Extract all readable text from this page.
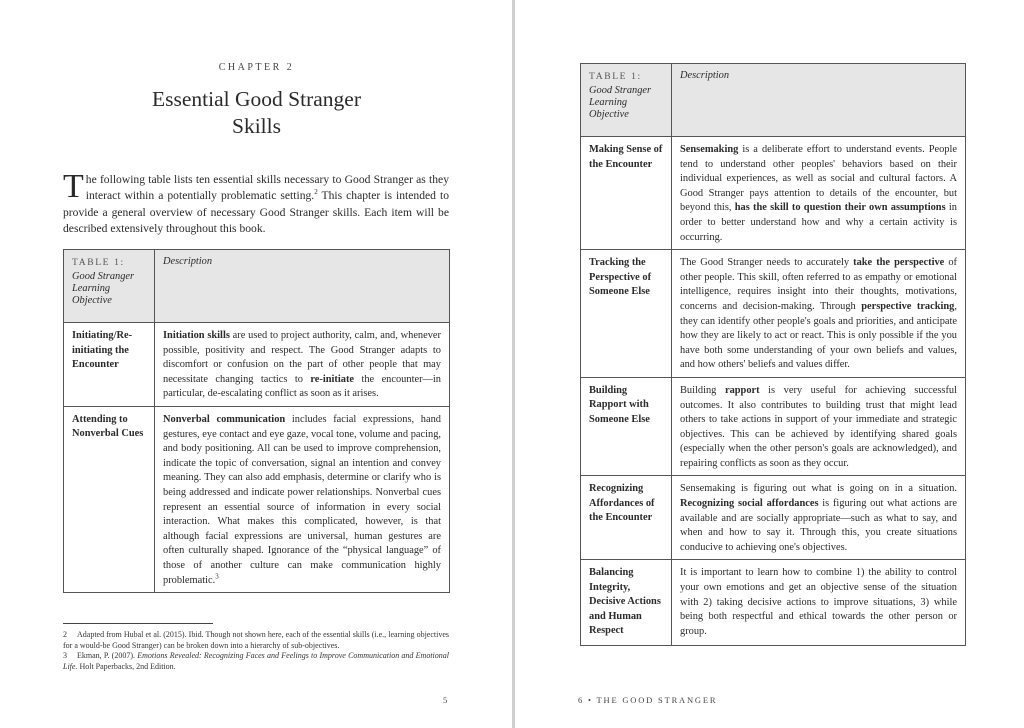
CHAPTER 2
Essential Good Stranger
Skills
The following table lists ten essential skills necessary to Good Stranger as they interact within a potentially problematic setting.$^2$ This chapter is intended to provide a general overview of necessary Good Stranger skills. Each item will be described extensively throughout this book.
TABLE 1:
Good Stranger
Learning
Objective	Description
Initiating/Re-initiating the Encounter	Initiation skills are used to project authority, calm, and, whenever possible, positivity and respect. The Good Stranger adapts to discomfort or confusion on the part of other people that may necessitate changing tactics to re-initiate the encounter—in particular, de-escalating conflict as soon as it arises.
Attending to Nonverbal Cues	Nonverbal communication includes facial expressions, hand gestures, eye contact and eye gaze, vocal tone, volume and pacing, and body positioning. All can be used to improve comprehension, indicate the topic of conversation, signal an intention and convey meaning. They can also add emphasis, determine or clarify who is being addressed and indicate power relationships. Nonverbal cues represent an essential source of information in every social interaction. What makes this complicated, however, is that although facial expressions are universal, human gestures are often culturally shaped. Ignorance of the “physical language” of those of another culture can make communication highly problematic.$^3$
2 Adapted from Hubal et al. (2015). Ibid. Though not shown here, each of the essential skills (i.e., learning objectives for a would-be Good Stranger) can be broken down into a hierarchy of sub-objectives.
3 Ekman, P. (2007). Emotions Revealed: Recognizing Faces and Feelings to Improve Communication and Emotional Life. Holt Paperbacks, 2nd Edition.
5
TABLE 1:
Good Stranger
Learning
Objective	Description
Making Sense of the Encounter	Sensemaking is a deliberate effort to understand events. People tend to understand other peoples' behaviors based on their individual experiences, as well as social and cultural factors. A Good Stranger pays attention to details of the encounter, but beyond this, has the skill to question their own assumptions in order to better understand how and why a certain activity is occurring.
Tracking the Perspective of Someone Else	The Good Stranger needs to accurately take the perspective of other people. This skill, often referred to as empathy or emotional intelligence, requires insight into their thoughts, motivations, concerns and decision-making. Through perspective tracking, they can identify other people's goals and priorities, and anticipate how they are likely to act or react. This is only possible if the you have both some understanding of your own beliefs and values, and how others' beliefs and values differ.
Building Rapport with Someone Else	Building rapport is very useful for achieving successful outcomes. It also contributes to building trust that might lead others to take actions in support of your immediate and strategic objectives. This can be achieved by identifying shared goals (especially when the other person's goals are acknowledged), and repairing conflicts as soon as they occur.
Recognizing Affordances of the Encounter	Sensemaking is figuring out what is going on in a situation. Recognizing social affordances is figuring out what actions are available and are socially appropriate—such as what to say, and when and how to say it. Through this, you create situations conducive to achieving one's objectives.
Balancing Integrity, Decisive Actions and Human Respect	It is important to learn how to combine 1) the ability to control your own emotions and get an objective sense of the situation with 2) taking decisive actions to improve situations, 3) while being both respectful and ethical towards the other person or group.
6 • THE GOOD STRANGER
